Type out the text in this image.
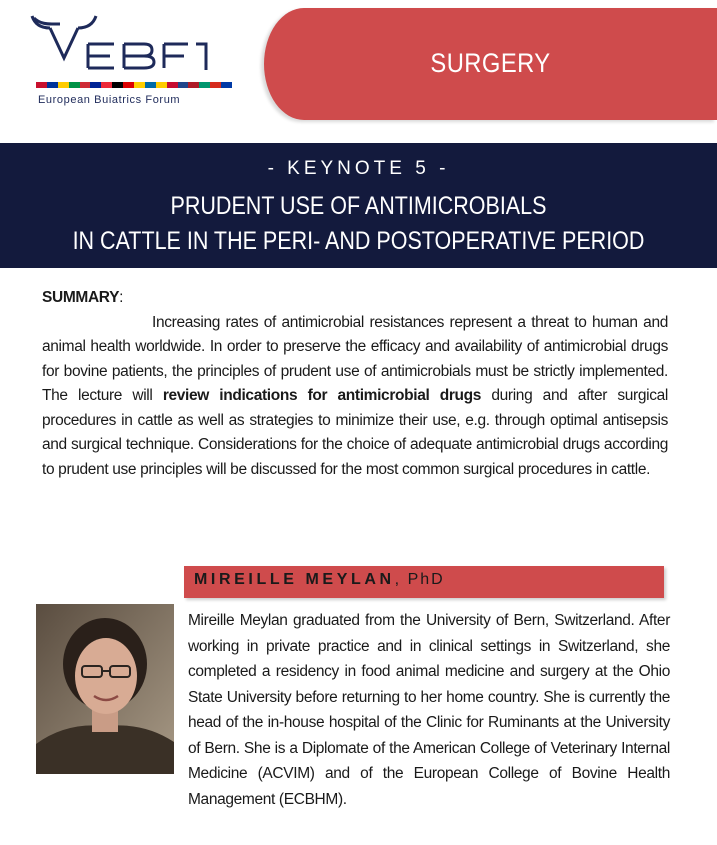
European Buiatrics Forum
SURGERY
- KEYNOTE 5 -
PRUDENT USE OF ANTIMICROBIALS
IN CATTLE IN THE PERI- AND POSTOPERATIVE PERIOD
SUMMARY:

Increasing rates of antimicrobial resistances represent a threat to human and animal health worldwide. In order to preserve the efficacy and availability of antimicrobial drugs for bovine patients, the principles of prudent use of antimicrobials must be strictly implemented. The lecture will review indications for antimicrobial drugs during and after surgical procedures in cattle as well as strategies to minimize their use, e.g. through optimal antisepsis and surgical technique. Considerations for the choice of adequate antimicrobial drugs according to prudent use principles will be discussed for the most common surgical procedures in cattle.

MIREILLE MEYLAN, PhD

Mireille Meylan graduated from the University of Bern, Switzerland. After working in private practice and in clinical settings in Switzerland, she completed a residency in food animal medicine and surgery at the Ohio State University before returning to her home country. She is currently the head of the in-house hospital of the Clinic for Ruminants at the University of Bern. She is a Diplomate of the American College of Veterinary Internal Medicine (ACVIM) and of the European College of Bovine Health Management (ECBHM).
